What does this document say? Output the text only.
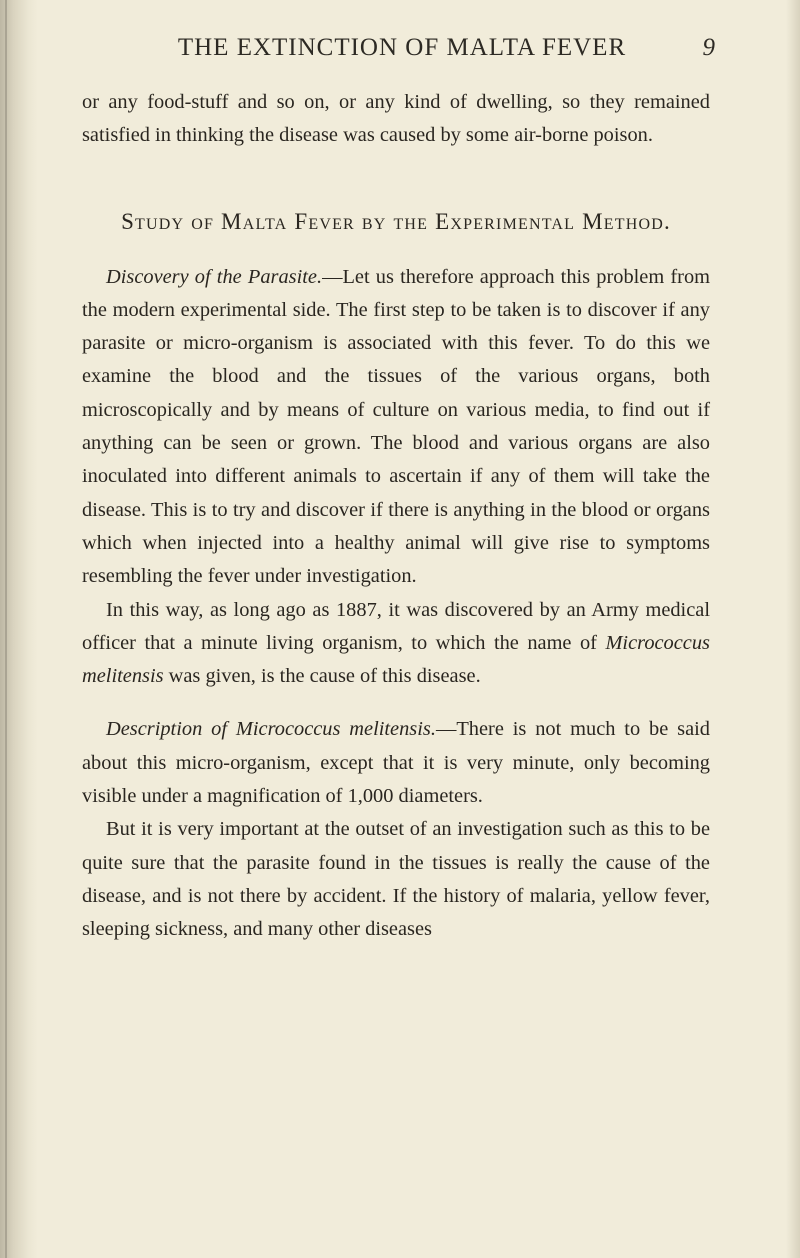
THE EXTINCTION OF MALTA FEVER	9

or any food-stuff and so on, or any kind of dwelling, so they remained satisfied in thinking the disease was caused by some air-borne poison.

Study of Malta Fever by the Experimental Method.

Discovery of the Parasite.—Let us therefore approach this problem from the modern experimental side. The first step to be taken is to discover if any parasite or micro-organism is associated with this fever. To do this we examine the blood and the tissues of the various organs, both microscopically and by means of culture on various media, to find out if anything can be seen or grown. The blood and various organs are also inoculated into different animals to ascertain if any of them will take the disease. This is to try and discover if there is anything in the blood or organs which when injected into a healthy animal will give rise to symptoms resembling the fever under investigation.

In this way, as long ago as 1887, it was discovered by an Army medical officer that a minute living organism, to which the name of Micrococcus melitensis was given, is the cause of this disease.

Description of Micrococcus melitensis.—There is not much to be said about this micro-organism, except that it is very minute, only becoming visible under a magnification of 1,000 diameters.

But it is very important at the outset of an investigation such as this to be quite sure that the parasite found in the tissues is really the cause of the disease, and is not there by accident. If the history of malaria, yellow fever, sleeping sickness, and many other diseases
